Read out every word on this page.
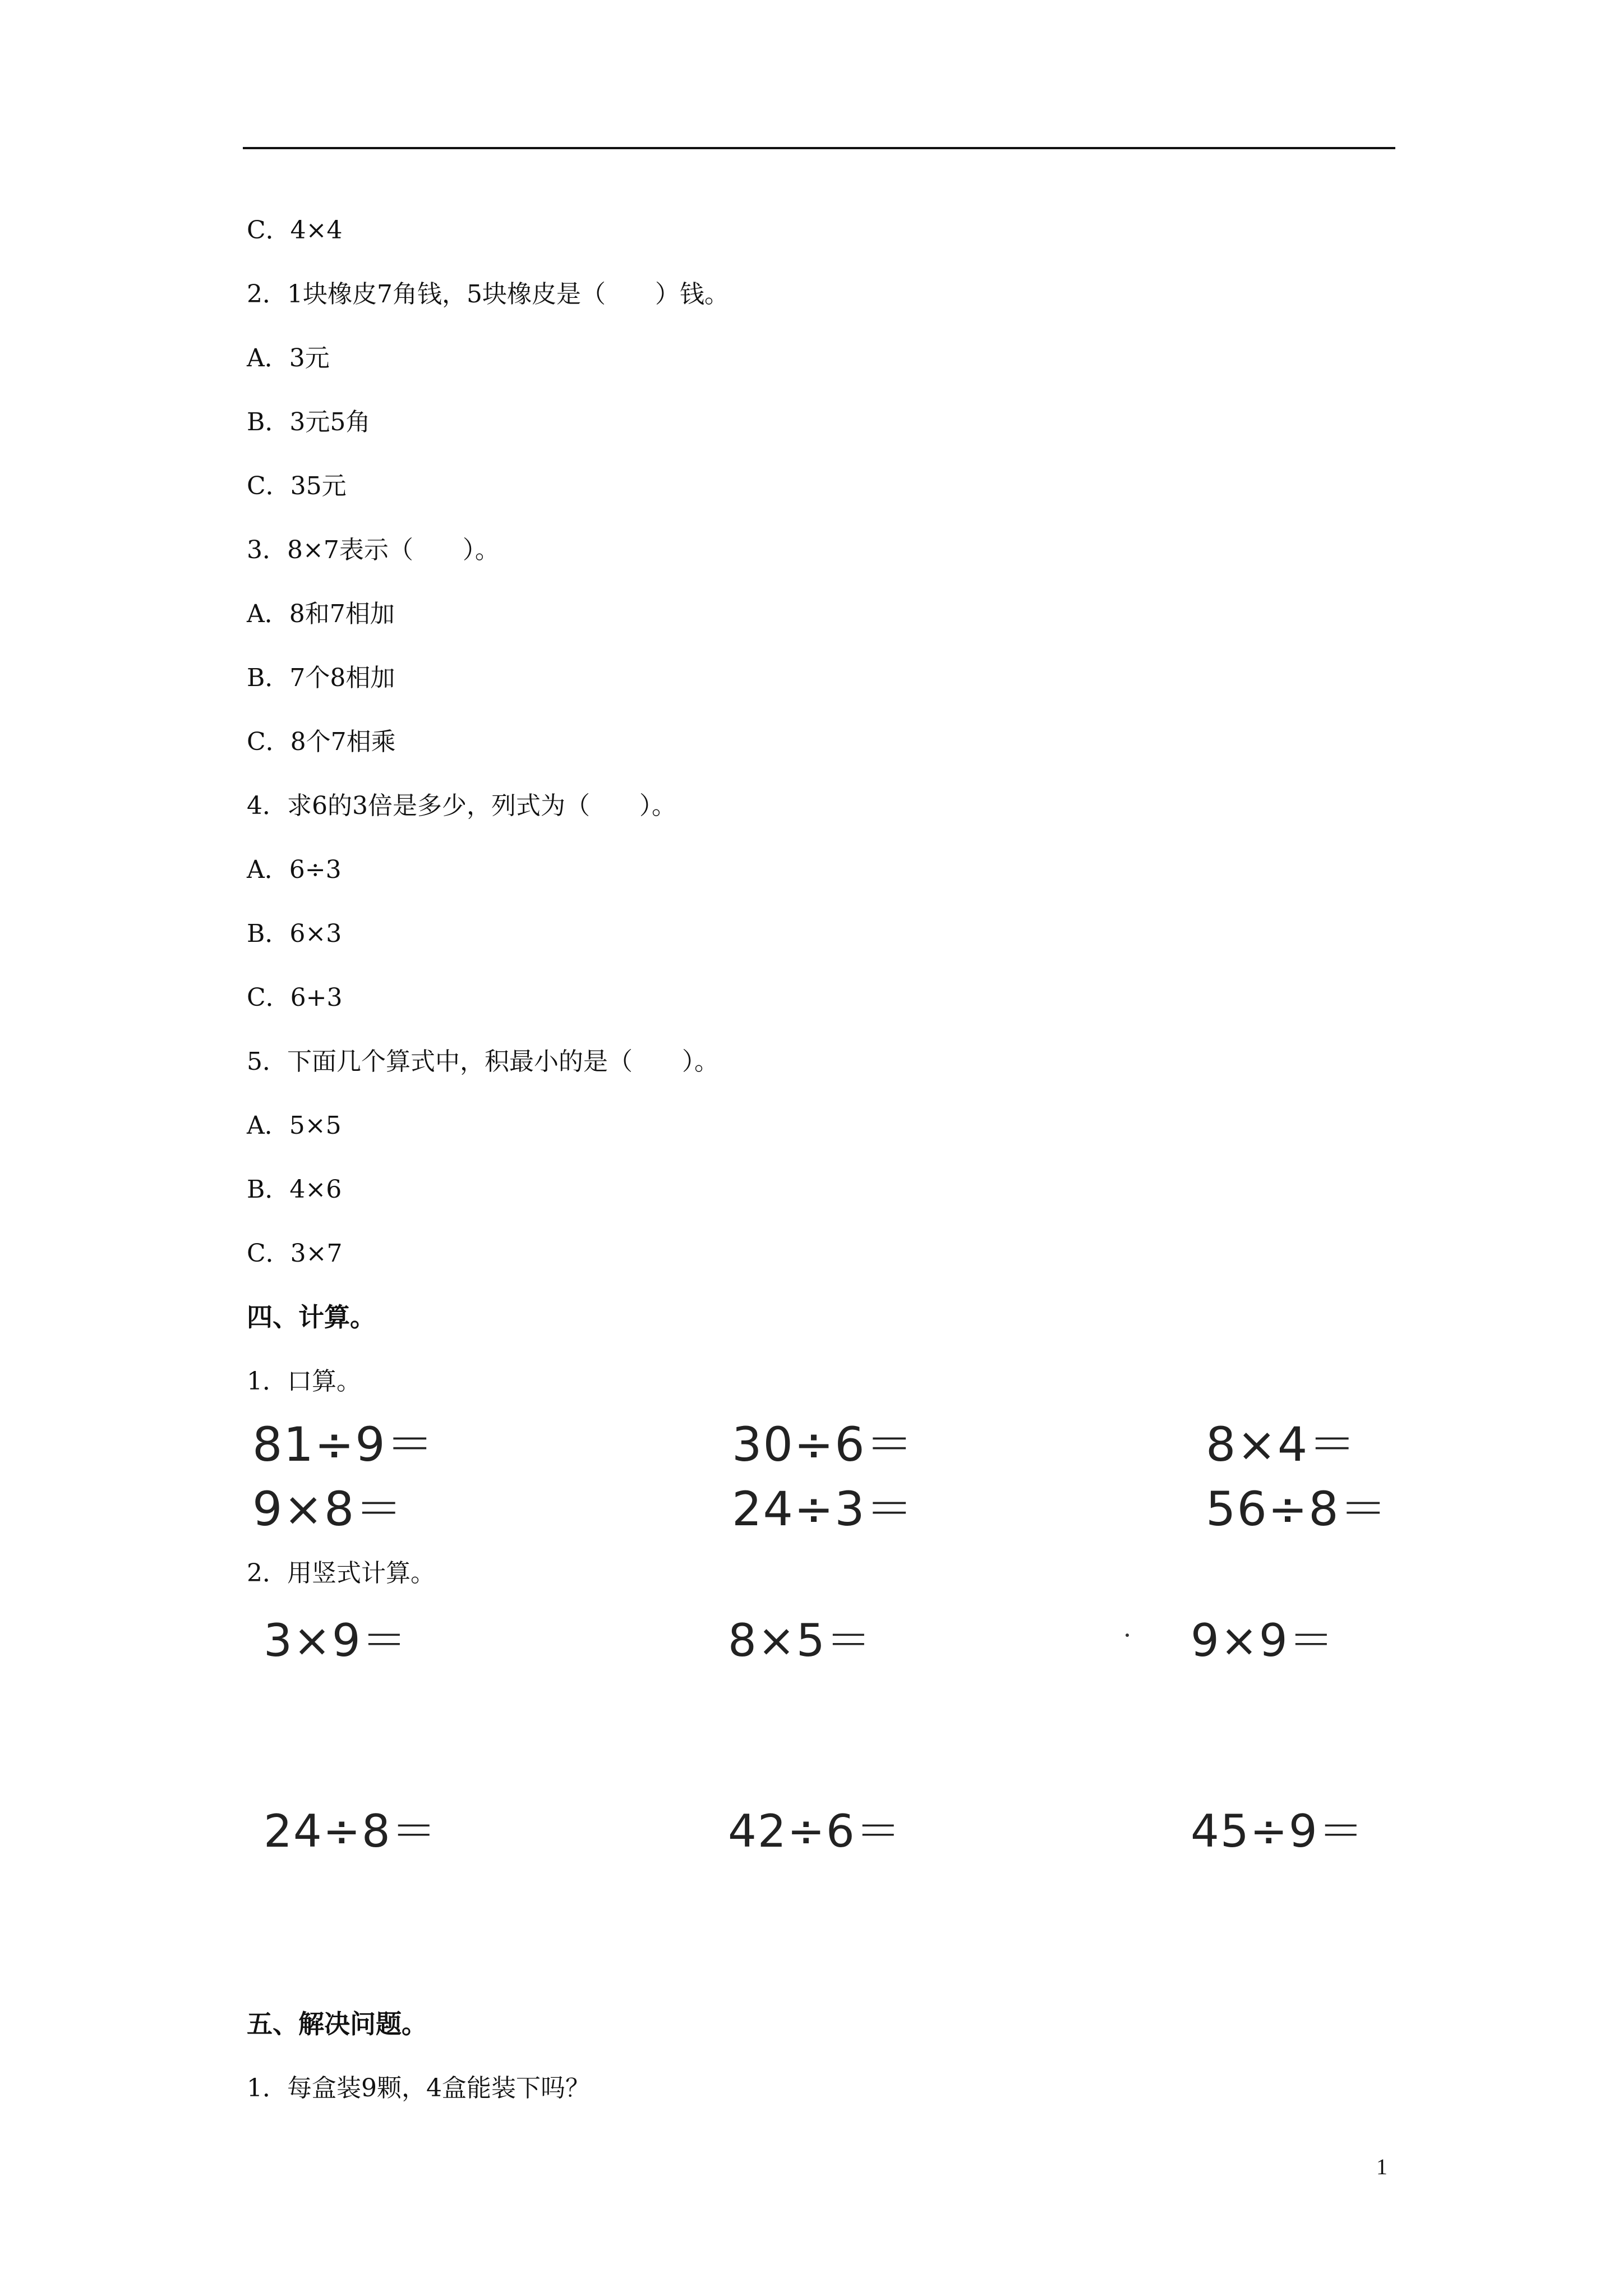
C．4×4
2．1块橡皮7角钱，5块橡皮是（　　）钱。
A．3元
B．3元5角
C．35元
3．8×7表示（　　）。
A．8和7相加
B．7个8相加
C．8个7相乘
4．求6的3倍是多少，列式为（　　）。
A．6÷3
B．6×3
C．6+3
5．下面几个算式中，积最小的是（　　）。
A．5×5
B．4×6
C．3×7
四、计算。
1．口算。
81÷9＝	30÷6＝	8×4＝
9×8＝	24÷3＝	56÷8＝
2．用竖式计算。
3×9＝	8×5＝	9×9＝
24÷8＝	42÷6＝	45÷9＝
五、解决问题。
1．每盒装9颗，4盒能装下吗？
1
